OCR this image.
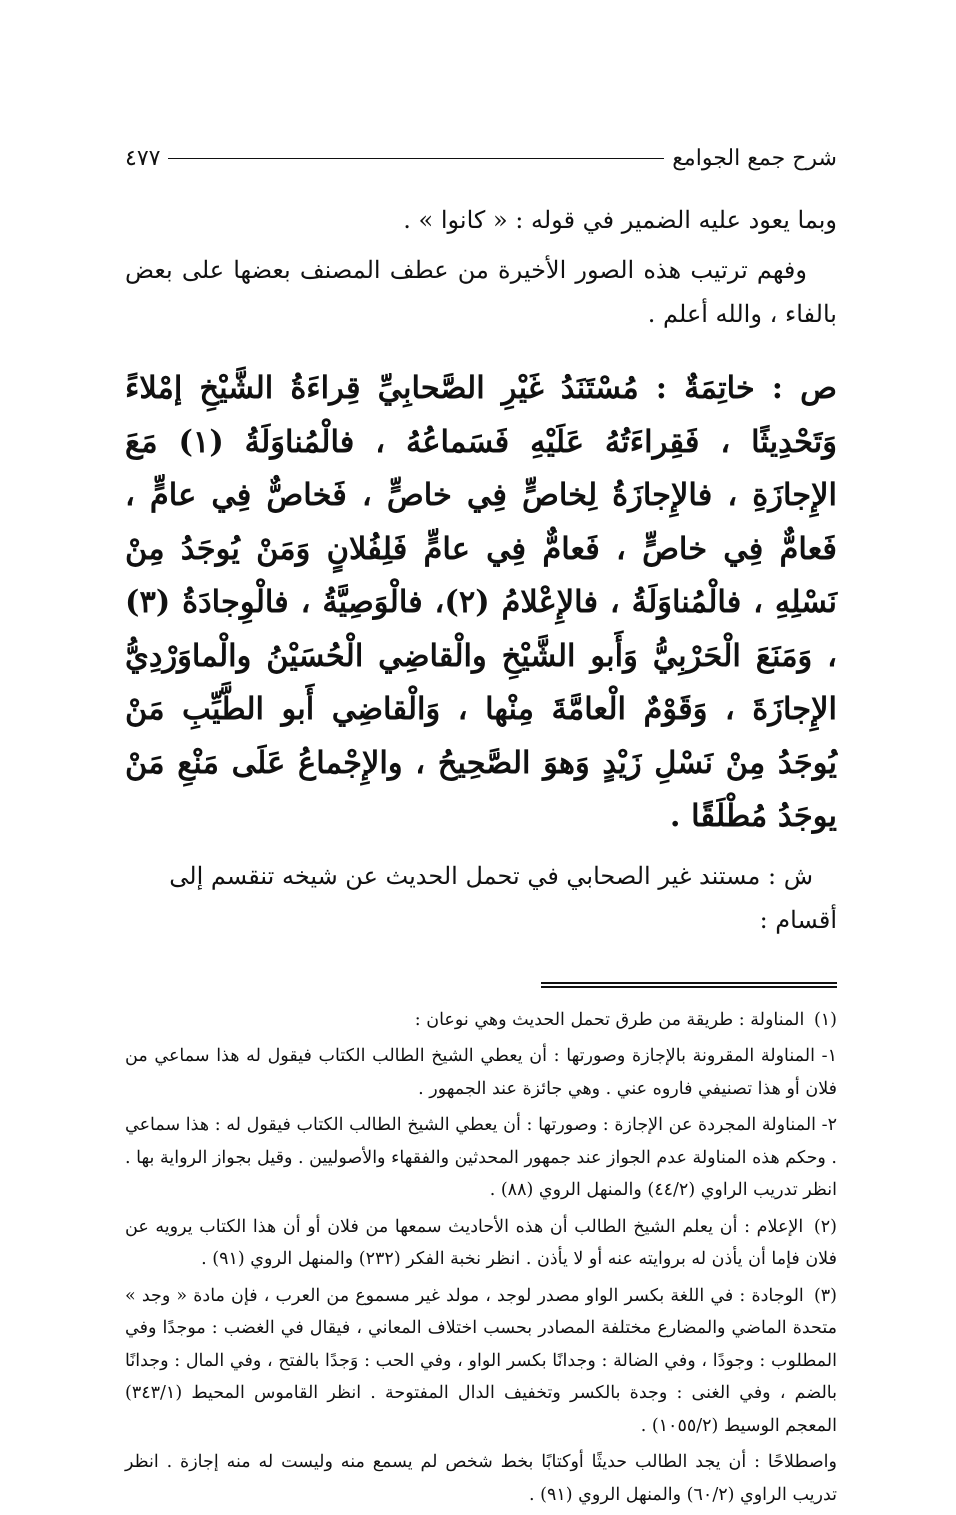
شرح جمع الجوامع
٤٧٧
وبما يعود عليه الضمير في قوله : « كانوا » .
وفهم ترتيب هذه الصور الأخيرة من عطف المصنف بعضها على بعض بالفاء ، والله أعلم .
ص : خاتِمَةٌ : مُسْتَنَدُ غَيْرِ الصَّحابِيِّ قِراءَةُ الشَّيْخِ إمْلاءً وَتَحْدِيثًا ، فَقِراءَتُهُ عَلَيْهِ فَسَماعُهُ ، فالْمُناوَلَةُ (١) مَعَ الإِجازَةِ ، فالإِجازَةُ لِخاصٍّ فِي خاصٍّ ، فَخاصٌّ فِي عامٍّ ، فَعامٌّ فِي خاصٍّ ، فَعامٌّ فِي عامٍّ فَلِفُلانٍ وَمَنْ يُوجَدُ مِنْ نَسْلِهِ ، فالْمُناوَلَةُ ، فالإِعْلامُ (٢)، فالْوَصِيَّةُ ، فالْوِجادَةُ (٣) ، وَمَنَعَ الْحَرْبِيُّ وَأَبو الشَّيْخِ والْقاضِي الْحُسَيْنُ والْماوَرْدِيُّ الإِجازَةَ ، وَقَوْمٌ الْعامَّةَ مِنْها ، وَالْقاضِي أَبو الطَّيِّبِ مَنْ يُوجَدُ مِنْ نَسْلِ زَيْدٍ وَهوَ الصَّحِيحُ ، والإِجْماعُ عَلَى مَنْعِ مَنْ يوجَدُ مُطْلَقًا .
ش : مستند غير الصحابي في تحمل الحديث عن شيخه تنقسم إلى أقسام :
(١) المناولة : طريقة من طرق تحمل الحديث وهي نوعان :
١- المناولة المقرونة بالإجازة وصورتها : أن يعطي الشيخ الطالب الكتاب فيقول له هذا سماعي من فلان أو هذا تصنيفي فاروه عني . وهي جائزة عند الجمهور .
٢- المناولة المجردة عن الإجازة : وصورتها : أن يعطي الشيخ الطالب الكتاب فيقول له : هذا سماعي . وحكم هذه المناولة عدم الجواز عند جمهور المحدثين والفقهاء والأصوليين . وقيل بجواز الرواية بها . انظر تدريب الراوي (٤٤/٢) والمنهل الروي (٨٨) .
(٢) الإعلام : أن يعلم الشيخ الطالب أن هذه الأحاديث سمعها من فلان أو أن هذا الكتاب يرويه عن فلان فإما أن يأذن له بروايته عنه أو لا يأذن . انظر نخبة الفكر (٢٣٢) والمنهل الروي (٩١) .
(٣) الوجادة : في اللغة بكسر الواو مصدر لوجد ، مولد غير مسموع من العرب ، فإن مادة « وجد » متحدة الماضي والمضارع مختلفة المصادر بحسب اختلاف المعاني ، فيقال في الغضب : موجدًا وفي المطلوب : وجودًا ، وفي الضالة : وجدانًا بكسر الواو ، وفي الحب : وَجدًا بالفتح ، وفي المال : وجدانًا بالضم ، وفي الغنى : وجدة بالكسر وتخفيف الدال المفتوحة . انظر القاموس المحيط (٣٤٣/١) المعجم الوسيط (١٠٥٥/٢) .
واصطلاحًا : أن يجد الطالب حديثًا أوكتابًا بخط شخص لم يسمع منه وليست له منه إجازة . انظر تدريب الراوي (٦٠/٢) والمنهل الروي (٩١) .
